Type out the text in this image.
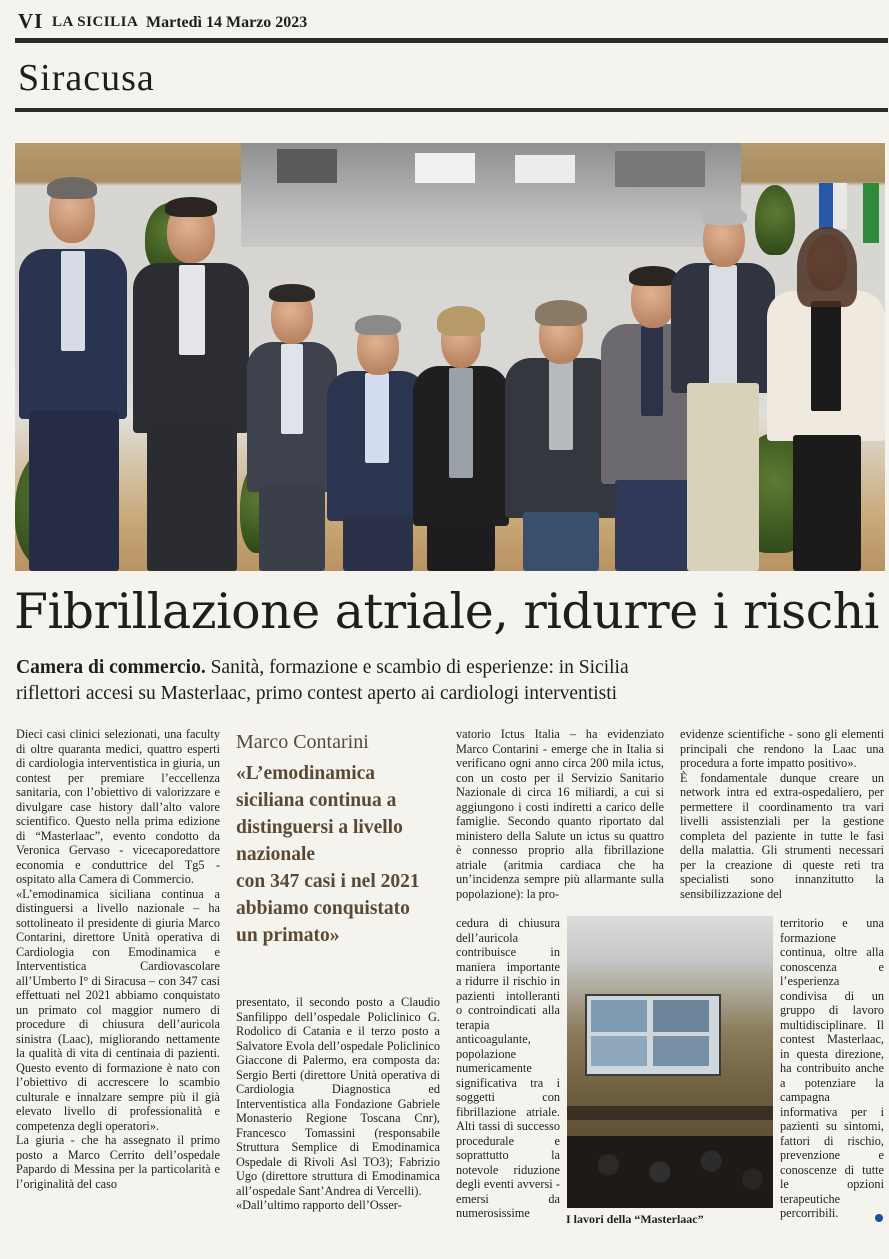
VI LA SICILIA Martedì 14 Marzo 2023
Siracusa
Fibrillazione atriale, ridurre i rischi
Camera di commercio. Sanità, formazione e scambio di esperienze: in Sicilia
riflettori accesi su Masterlaac, primo contest aperto ai cardiologi interventisti
Dieci casi clinici selezionati, una faculty di oltre quaranta medici, quattro esperti di cardiologia interventistica in giuria, un contest per premiare l’eccellenza sanitaria, con l’obiettivo di valorizzare e divulgare case history dall’alto valore scientifico. Questo nella prima edizione di “Masterlaac”, evento condotto da Veronica Gervaso - vicecaporedattore economia e conduttrice del Tg5 - ospitato alla Camera di Commercio.
«L’emodinamica siciliana continua a distinguersi a livello nazionale – ha sottolineato il presidente di giuria Marco Contarini, direttore Unità operativa di Cardiologia con Emodinamica e Interventistica Cardiovascolare all’Umberto I° di Siracusa – con 347 casi effettuati nel 2021 abbiamo conquistato un primato col maggior numero di procedure di chiusura dell’auricola sinistra (Laac), migliorando nettamente la qualità di vita di centinaia di pazienti. Questo evento di formazione è nato con l’obiettivo di accrescere lo scambio culturale e innalzare sempre più il già elevato livello di professionalità e competenza degli operatori».
La giuria - che ha assegnato il primo posto a Marco Cerrito dell’ospedale Papardo di Messina per la particolarità e l’originalità del caso
Marco Contarini
«L’emodinamica
siciliana continua a
distinguersi a livello
nazionale
con 347 casi i nel 2021
abbiamo conquistato
un primato»
presentato, il secondo posto a Claudio Sanfilippo dell’ospedale Policlinico G. Rodolico di Catania e il terzo posto a Salvatore Evola dell’ospedale Policlinico Giaccone di Palermo, era composta da: Sergio Berti (direttore Unità operativa di Cardiologia Diagnostica ed Interventistica alla Fondazione Gabriele Monasterio Regione Toscana Cnr), Francesco Tomassini (responsabile Struttura Semplice di Emodinamica Ospedale di Rivoli Asl TO3); Fabrizio Ugo (direttore struttura di Emodinamica all’ospedale Sant’Andrea di Vercelli).
«Dall’ultimo rapporto dell’Osser-
vatorio Ictus Italia – ha evidenziato Marco Contarini - emerge che in Italia si verificano ogni anno circa 200 mila ictus, con un costo per il Servizio Sanitario Nazionale di circa 16 miliardi, a cui si aggiungono i costi indiretti a carico delle famiglie. Secondo quanto riportato dal ministero della Salute un ictus su quattro è connesso proprio alla fibrillazione atriale (aritmia cardiaca che ha un’incidenza sempre più allarmante sulla popolazione): la pro-
cedura di chiusura dell’auricola contribuisce in maniera importante a ridurre il rischio in pazienti intolleranti o controindicati alla terapia anticoagulante, popolazione numericamente significativa tra i soggetti con fibrillazione atriale. Alti tassi di successo procedurale e soprattutto la notevole riduzione degli eventi avversi - emersi da numerosissime
evidenze scientifiche - sono gli elementi principali che rendono la Laac una procedura a forte impatto positivo».
È fondamentale dunque creare un network intra ed extra-ospedaliero, per permettere il coordinamento tra vari livelli assistenziali per la gestione completa del paziente in tutte le fasi della malattia. Gli strumenti necessari per la creazione di queste reti tra specialisti sono innanzitutto la sensibilizzazione del
territorio e una formazione continua, oltre alla conoscenza e l’esperienza condivisa di un gruppo di lavoro multidisciplinare. Il contest Masterlaac, in questa direzione, ha contribuito anche a potenziare la campagna informativa per i pazienti su sintomi, fattori di rischio, prevenzione e conoscenze di tutte le opzioni terapeutiche percorribili.
I lavori della “Masterlaac”
